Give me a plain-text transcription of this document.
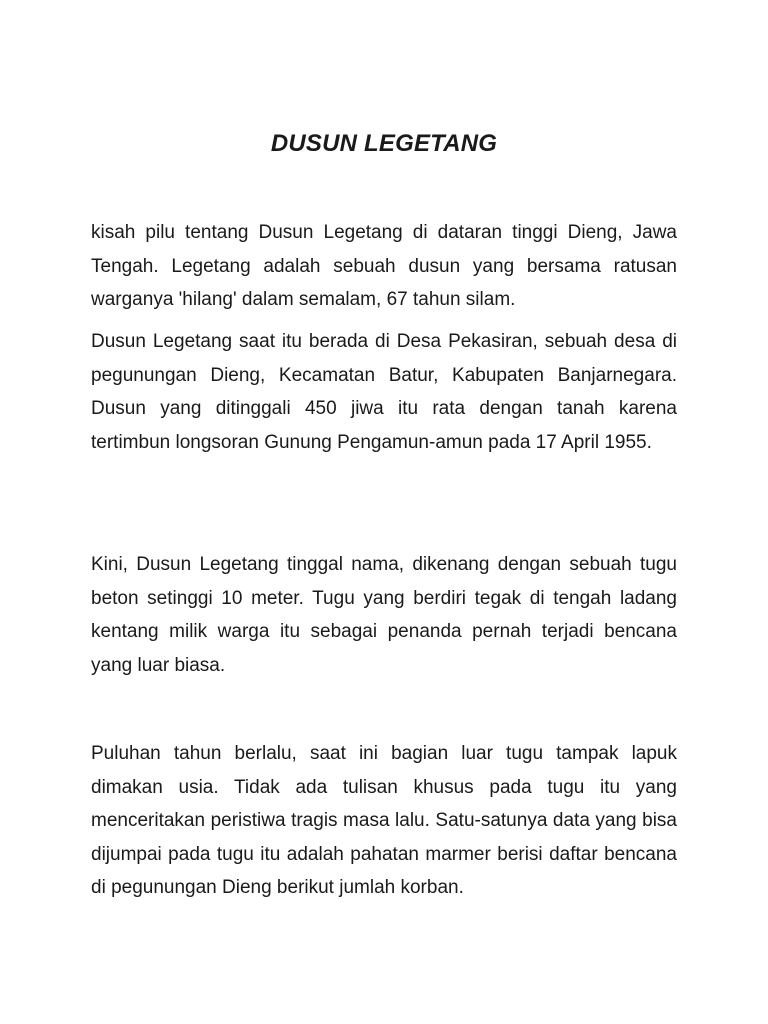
DUSUN LEGETANG

kisah pilu tentang Dusun Legetang di dataran tinggi Dieng, Jawa Tengah. Legetang adalah sebuah dusun yang bersama ratusan warganya 'hilang' dalam semalam, 67 tahun silam.

Dusun Legetang saat itu berada di Desa Pekasiran, sebuah desa di pegunungan Dieng, Kecamatan Batur, Kabupaten Banjarnegara. Dusun yang ditinggali 450 jiwa itu rata dengan tanah karena tertimbun longsoran Gunung Pengamun-amun pada 17 April 1955.

Kini, Dusun Legetang tinggal nama, dikenang dengan sebuah tugu beton setinggi 10 meter. Tugu yang berdiri tegak di tengah ladang kentang milik warga itu sebagai penanda pernah terjadi bencana yang luar biasa.

Puluhan tahun berlalu, saat ini bagian luar tugu tampak lapuk dimakan usia. Tidak ada tulisan khusus pada tugu itu yang menceritakan peristiwa tragis masa lalu. Satu-satunya data yang bisa dijumpai pada tugu itu adalah pahatan marmer berisi daftar bencana di pegunungan Dieng berikut jumlah korban.
